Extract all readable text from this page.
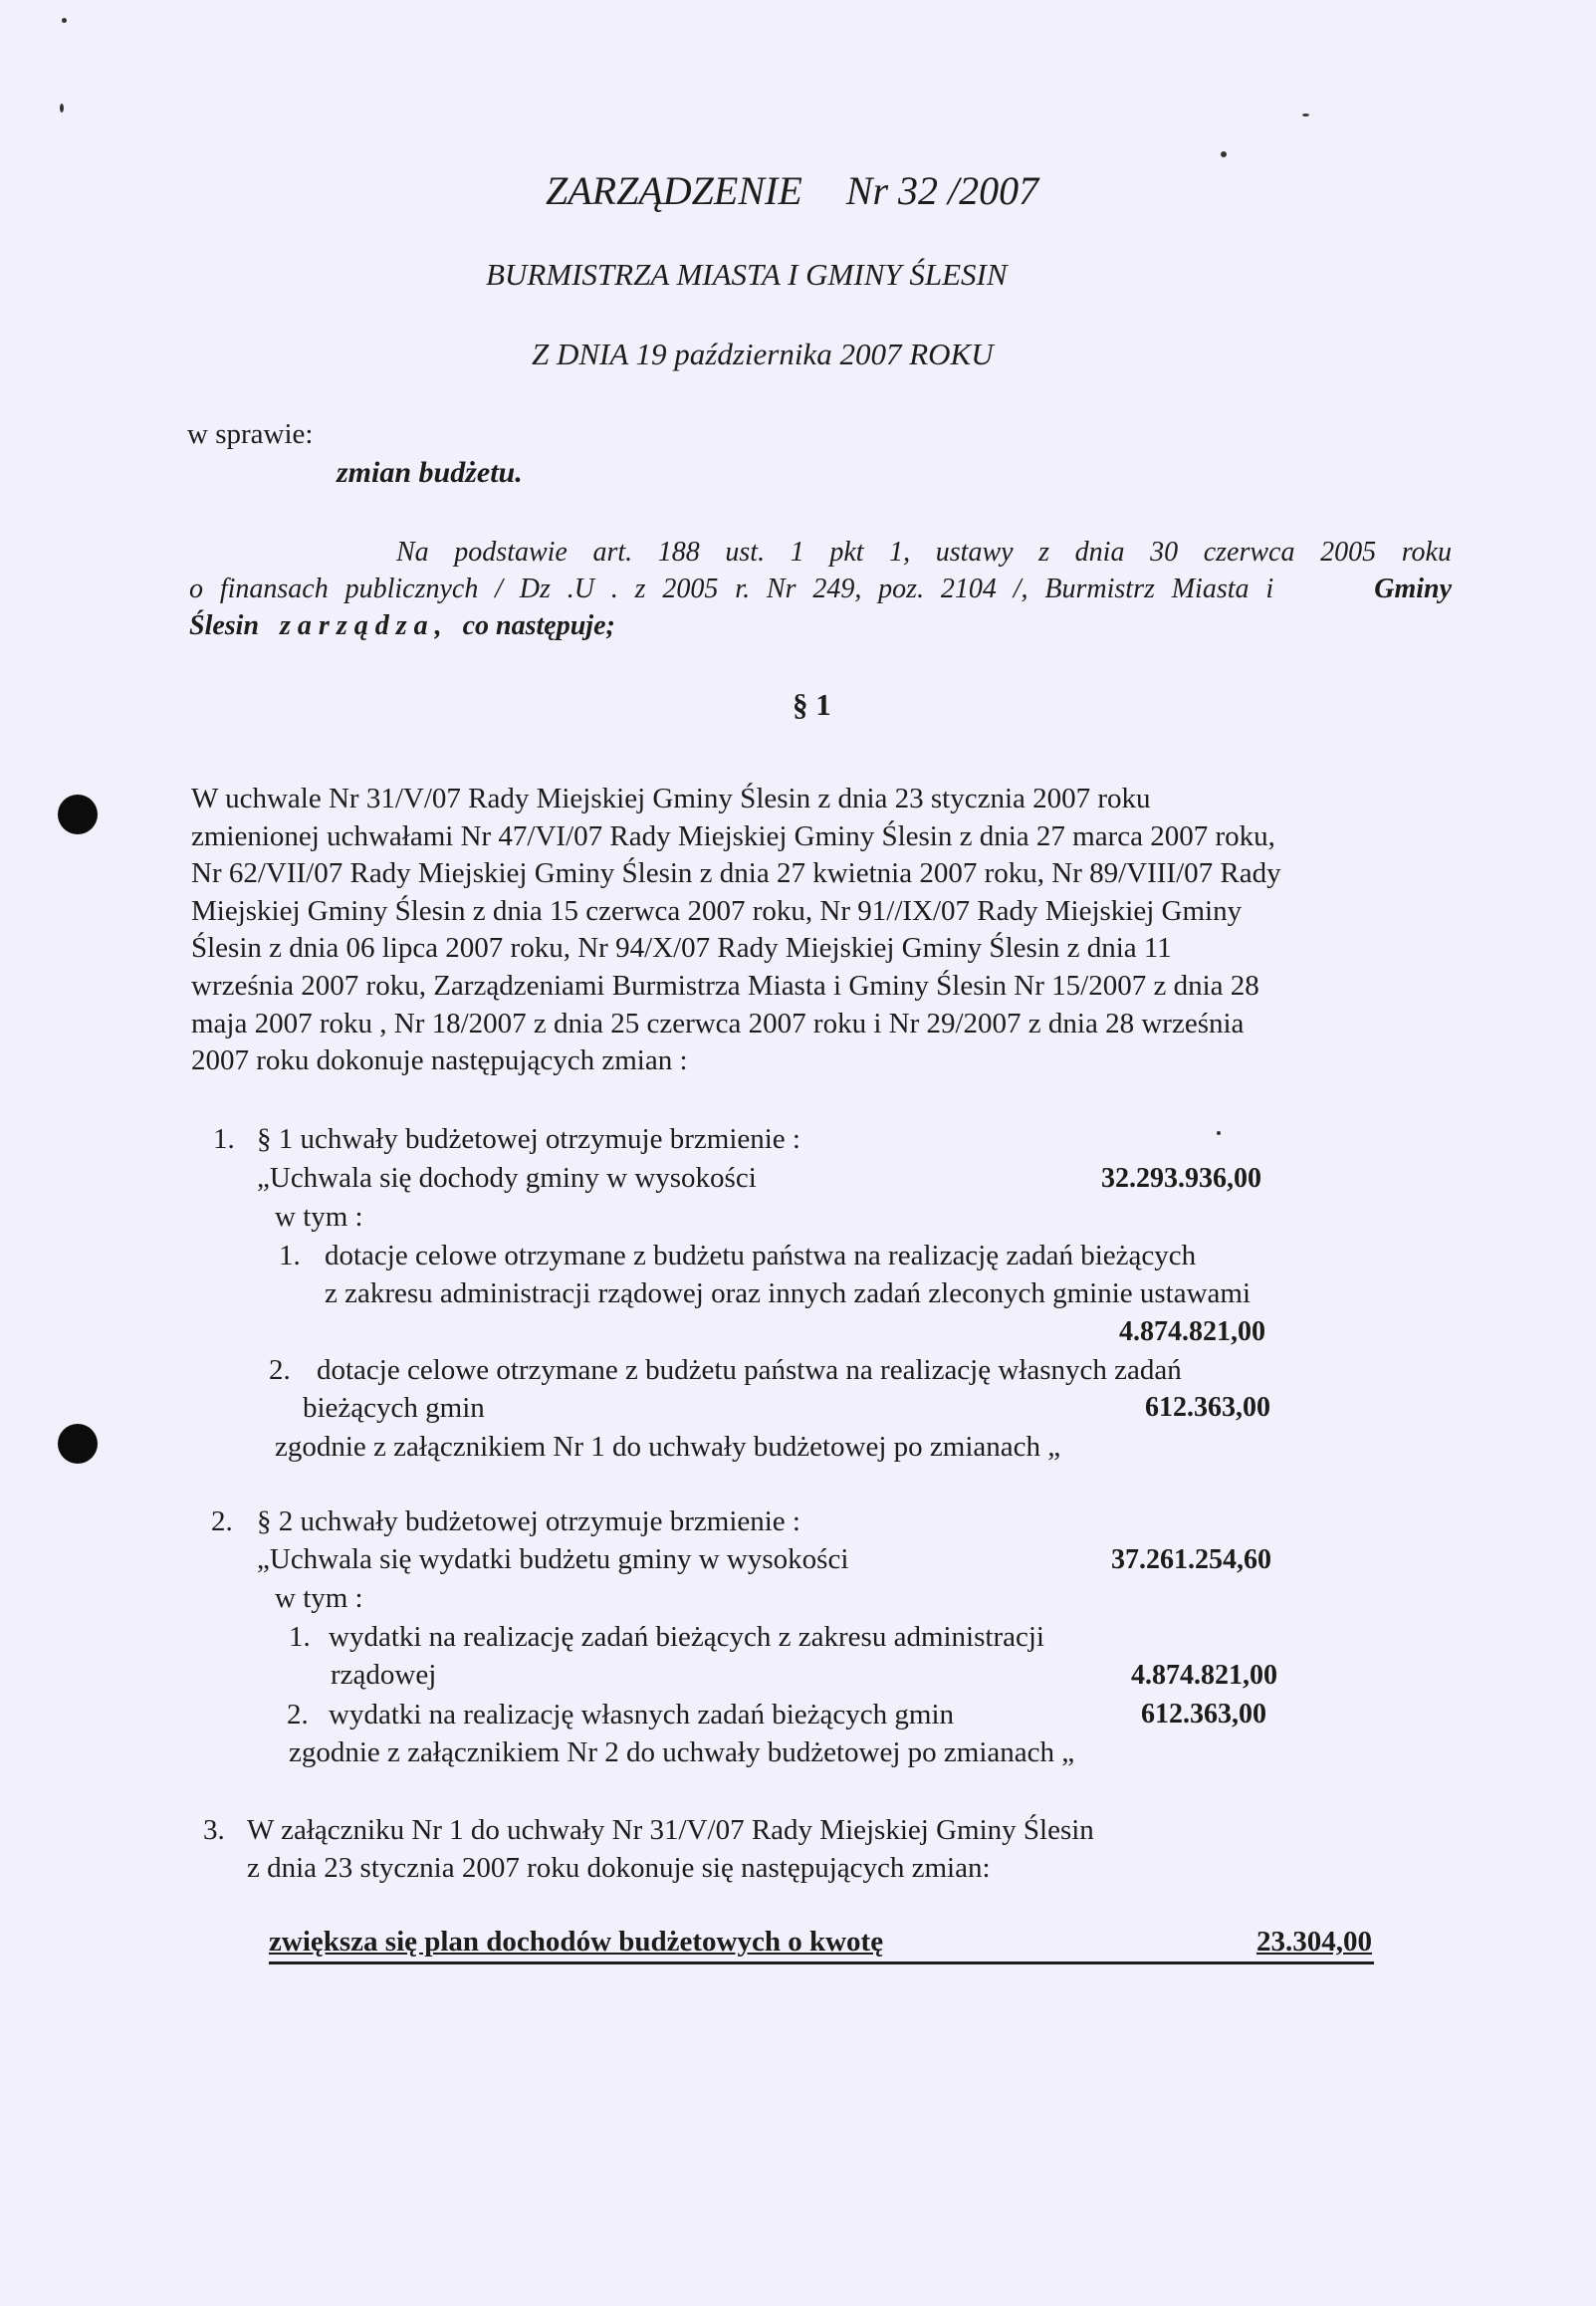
ZARZĄDZENIE Nr 32 /2007
BURMISTRZA MIASTA I GMINY ŚLESIN
Z DNIA 19 października 2007 ROKU
w sprawie:
zmian budżetu.
Na podstawie art. 188 ust. 1 pkt 1, ustawy z dnia 30 czerwca 2005 roku
o finansach publicznych / Dz .U . z 2005 r. Nr 249, poz. 2104 /, Burmistrz Miasta i	Gminy
Ślesin z a r z ą d z a , co następuje;
§ 1
W uchwale Nr 31/V/07 Rady Miejskiej Gminy Ślesin z dnia 23 stycznia 2007 roku
zmienionej uchwałami Nr 47/VI/07 Rady Miejskiej Gminy Ślesin z dnia 27 marca 2007 roku,
Nr 62/VII/07 Rady Miejskiej Gminy Ślesin z dnia 27 kwietnia 2007 roku, Nr 89/VIII/07 Rady
Miejskiej Gminy Ślesin z dnia 15 czerwca 2007 roku, Nr 91//IX/07 Rady Miejskiej Gminy
Ślesin z dnia 06 lipca 2007 roku, Nr 94/X/07 Rady Miejskiej Gminy Ślesin z dnia 11
września 2007 roku, Zarządzeniami Burmistrza Miasta i Gminy Ślesin Nr 15/2007 z dnia 28
maja 2007 roku , Nr 18/2007 z dnia 25 czerwca 2007 roku i Nr 29/2007 z dnia 28 września
2007 roku dokonuje następujących zmian :
1. § 1 uchwały budżetowej otrzymuje brzmienie :
„Uchwala się dochody gminy w wysokości	32.293.936,00
w tym :
1. dotacje celowe otrzymane z budżetu państwa na realizację zadań bieżących
z zakresu administracji rządowej oraz innych zadań zleconych gminie ustawami
4.874.821,00
2. dotacje celowe otrzymane z budżetu państwa na realizację własnych zadań
bieżących gmin	612.363,00
zgodnie z załącznikiem Nr 1 do uchwały budżetowej po zmianach „
2. § 2 uchwały budżetowej otrzymuje brzmienie :
„Uchwala się wydatki budżetu gminy w wysokości	37.261.254,60
w tym :
1. wydatki na realizację zadań bieżących z zakresu administracji
rządowej	4.874.821,00
2. wydatki na realizację własnych zadań bieżących gmin	612.363,00
zgodnie z załącznikiem Nr 2 do uchwały budżetowej po zmianach „
3. W załączniku Nr 1 do uchwały Nr 31/V/07 Rady Miejskiej Gminy Ślesin
z dnia 23 stycznia 2007 roku dokonuje się następujących zmian:
zwiększa się plan dochodów budżetowych o kwotę	23.304,00
